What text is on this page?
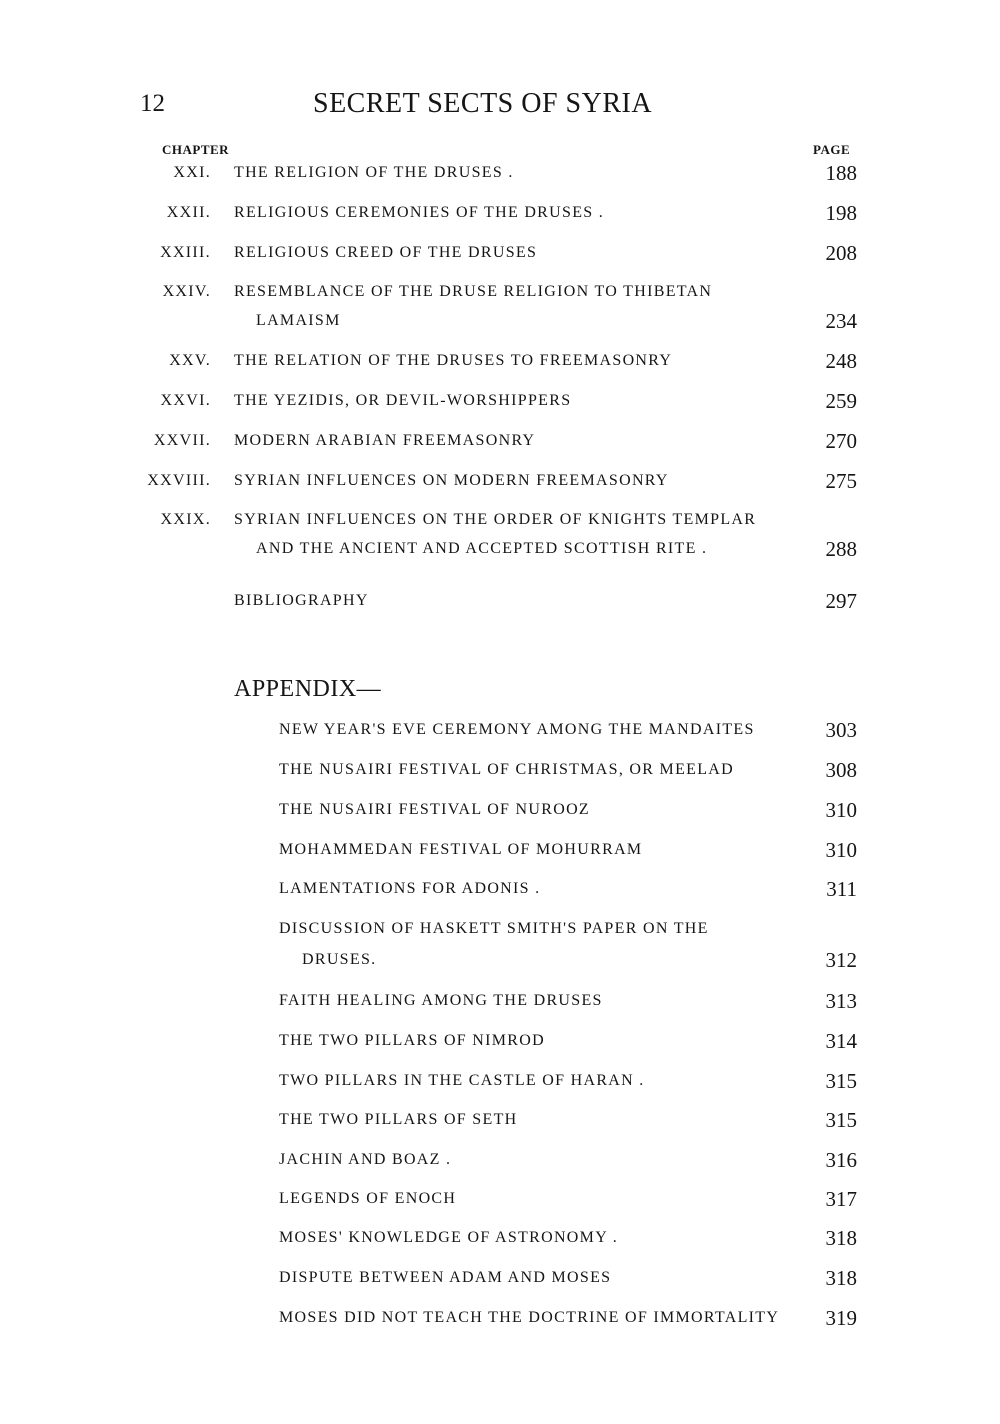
12	SECRET SECTS OF SYRIA
CHAPTER	PAGE
XXI. THE RELIGION OF THE DRUSES .	188
XXII. RELIGIOUS CEREMONIES OF THE DRUSES .	198
XXIII. RELIGIOUS CREED OF THE DRUSES	208
XXIV. RESEMBLANCE OF THE DRUSE RELIGION TO THIBETAN
LAMAISM	234
XXV. THE RELATION OF THE DRUSES TO FREEMASONRY	248
XXVI. THE YEZIDIS, OR DEVIL-WORSHIPPERS	259
XXVII. MODERN ARABIAN FREEMASONRY	270
XXVIII. SYRIAN INFLUENCES ON MODERN FREEMASONRY	275
XXIX. SYRIAN INFLUENCES ON THE ORDER OF KNIGHTS TEMPLAR
AND THE ANCIENT AND ACCEPTED SCOTTISH RITE .	288
BIBLIOGRAPHY	297
APPENDIX—
NEW YEAR'S EVE CEREMONY AMONG THE MANDAITES	303
THE NUSAIRI FESTIVAL OF CHRISTMAS, OR MEELAD	308
THE NUSAIRI FESTIVAL OF NUROOZ	310
MOHAMMEDAN FESTIVAL OF MOHURRAM	310
LAMENTATIONS FOR ADONIS .	311
DISCUSSION OF HASKETT SMITH'S PAPER ON THE
DRUSES.	312
FAITH HEALING AMONG THE DRUSES	313
THE TWO PILLARS OF NIMROD	314
TWO PILLARS IN THE CASTLE OF HARAN .	315
THE TWO PILLARS OF SETH	315
JACHIN AND BOAZ .	316
LEGENDS OF ENOCH	317
MOSES' KNOWLEDGE OF ASTRONOMY .	318
DISPUTE BETWEEN ADAM AND MOSES	318
MOSES DID NOT TEACH THE DOCTRINE OF IMMORTALITY	319
